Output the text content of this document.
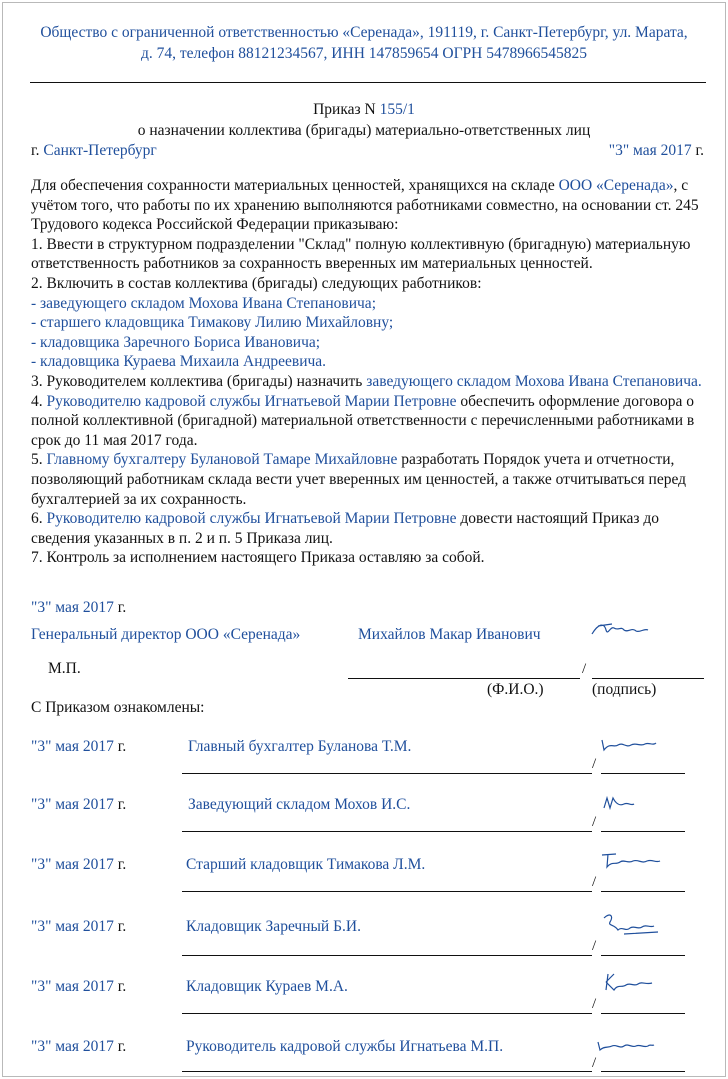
Общество с ограниченной ответственностью «Серенада», 191119, г. Санкт-Петербург, ул. Марата,
д. 74, телефон 88121234567, ИНН 147859654 ОГРН 5478966545825
Приказ N 155/1
о назначении коллектива (бригады) материально-ответственных лиц
г. Санкт-Петербург	"3" мая 2017 г.

Для обеспечения сохранности материальных ценностей, хранящихся на складе ООО «Серенада», с учётом того, что работы по их хранению выполняются работниками совместно, на основании ст. 245 Трудового кодекса Российской Федерации приказываю:

1. Ввести в структурном подразделении "Склад" полную коллективную (бригадную) материальную ответственность работников за сохранность вверенных им материальных ценностей.

2. Включить в состав коллектива (бригады) следующих работников:

- заведующего складом Мохова Ивана Степановича;

- старшего кладовщика Тимакову Лилию Михайловну;

- кладовщика Заречного Бориса Ивановича;

- кладовщика Кураева Михаила Андреевича.

3. Руководителем коллектива (бригады) назначить заведующего складом Мохова Ивана Степановича.

4. Руководителю кадровой службы Игнатьевой Марии Петровне обеспечить оформление договора о полной коллективной (бригадной) материальной ответственности с перечисленными работниками в срок до 11 мая 2017 года.

5. Главному бухгалтеру Булановой Тамаре Михайловне разработать Порядок учета и отчетности, позволяющий работникам склада вести учет вверенных им ценностей, а также отчитываться перед бухгалтерией за их сохранность.

6. Руководителю кадровой службы Игнатьевой Марии Петровне довести настоящий Приказ до сведения указанных в п. 2 и п. 5 Приказа лиц.

7. Контроль за исполнением настоящего Приказа оставляю за собой.

"3" мая 2017 г.
Генеральный директор ООО «Серенада»	Михайлов Макар Иванович
М.П.	/
(Ф.И.О.)	(подпись)
С Приказом ознакомлены:
"3" мая 2017 г.	Главный бухгалтер Буланова Т.М.
/
"3" мая 2017 г.	Заведующий складом Мохов И.С.
/
"3" мая 2017 г.	Старший кладовщик Тимакова Л.М.
/
"3" мая 2017 г.	Кладовщик Заречный Б.И.
/
"3" мая 2017 г.	Кладовщик Кураев М.А.
/
"3" мая 2017 г.	Руководитель кадровой службы Игнатьева М.П.
/
